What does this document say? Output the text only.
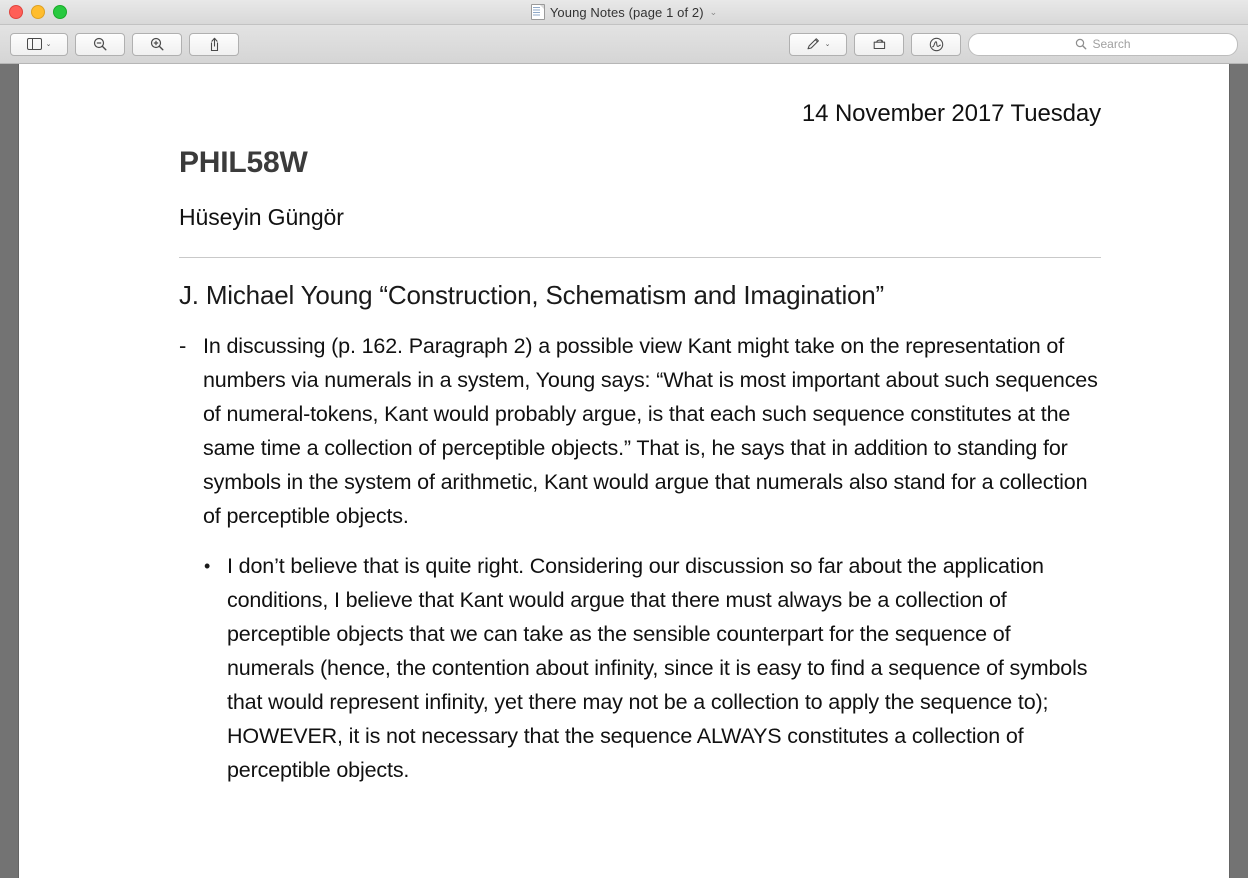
Young Notes (page 1 of 2) ⌄
⌄	⌄	Search
14 November 2017 Tuesday
PHIL58W
Hüseyin Güngör
J. Michael Young “Construction, Schematism and Imagination”
- In discussing (p. 162. Paragraph 2) a possible view Kant might take on the representation of numbers via numerals in a system, Young says: “What is most important about such sequences of numeral-tokens, Kant would probably argue, is that each such sequence constitutes at the same time a collection of perceptible objects.” That is, he says that in addition to standing for symbols in the system of arithmetic, Kant would argue that numerals also stand for a collection of perceptible objects.
• I don’t believe that is quite right. Considering our discussion so far about the application conditions, I believe that Kant would argue that there must always be a collection of perceptible objects that we can take as the sensible counterpart for the sequence of numerals (hence, the contention about infinity, since it is easy to find a sequence of symbols that would represent infinity, yet there may not be a collection to apply the sequence to); HOWEVER, it is not necessary that the sequence ALWAYS constitutes a collection of perceptible objects.
